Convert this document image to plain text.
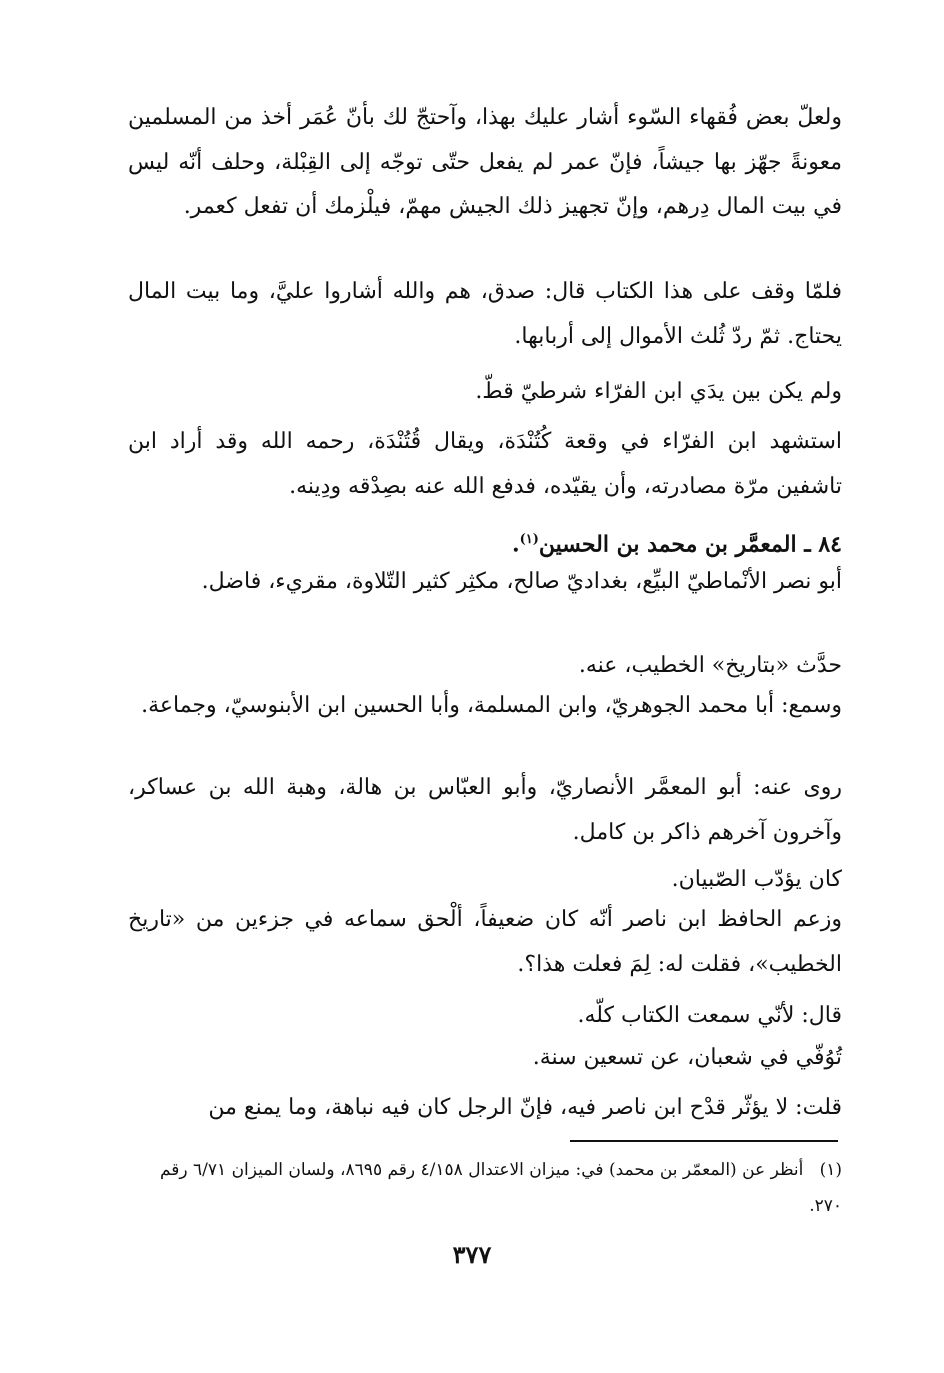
ولعلّ بعض فُقهاء السّوء أشار عليك بهذا، وآحتجّ لك بأنّ عُمَر أخذ من المسلمين معونةً جهّز بها جيشاً، فإنّ عمر لم يفعل حتّى توجّه إلى القِبْلة، وحلف أنّه ليس في بيت المال دِرهم، وإنّ تجهيز ذلك الجيش مهمّ، فيلْزمك أن تفعل كعمر.

فلمّا وقف على هذا الكتاب قال: صدق، هم والله أشاروا عليَّ، وما بيت المال يحتاج. ثمّ ردّ ثُلث الأموال إلى أربابها.

ولم يكن بين يدَي ابن الفرّاء شرطيّ قطّ.

استشهد ابن الفرّاء في وقعة كُتُنْدَة، ويقال قُتُنْدَة، رحمه الله وقد أراد ابن تاشفين مرّة مصادرته، وأن يقيّده، فدفع الله عنه بصِدْقه ودِينه.

٨٤ ـ المعمَّر بن محمد بن الحسين$^{(١)}$.

أبو نصر الأنْماطيّ البيِّع، بغداديّ صالح، مكثِر كثير التّلاوة، مقريء، فاضل.

حدَّث «بتاريخ» الخطيب، عنه.

وسمع: أبا محمد الجوهريّ، وابن المسلمة، وأبا الحسين ابن الأبنوسيّ، وجماعة.

روى عنه: أبو المعمَّر الأنصاريّ، وأبو العبّاس بن هالة، وهبة الله بن عساكر، وآخرون آخرهم ذاكر بن كامل.

كان يؤدّب الصّبيان.

وزعم الحافظ ابن ناصر أنّه كان ضعيفاً، ألْحق سماعه في جزءين من «تاريخ الخطيب»، فقلت له: لِمَ فعلت هذا؟.

قال: لأنّي سمعت الكتاب كلّه.

تُوُفّي في شعبان، عن تسعين سنة.

قلت: لا يؤثّر قدْح ابن ناصر فيه، فإنّ الرجل كان فيه نباهة، وما يمنع من

(١)   أنظر عن (المعمّر بن محمد) في: ميزان الاعتدال ٤/١٥٨ رقم ٨٦٩٥، ولسان الميزان ٦/٧١ رقم ٢٧٠.

٣٧٧
